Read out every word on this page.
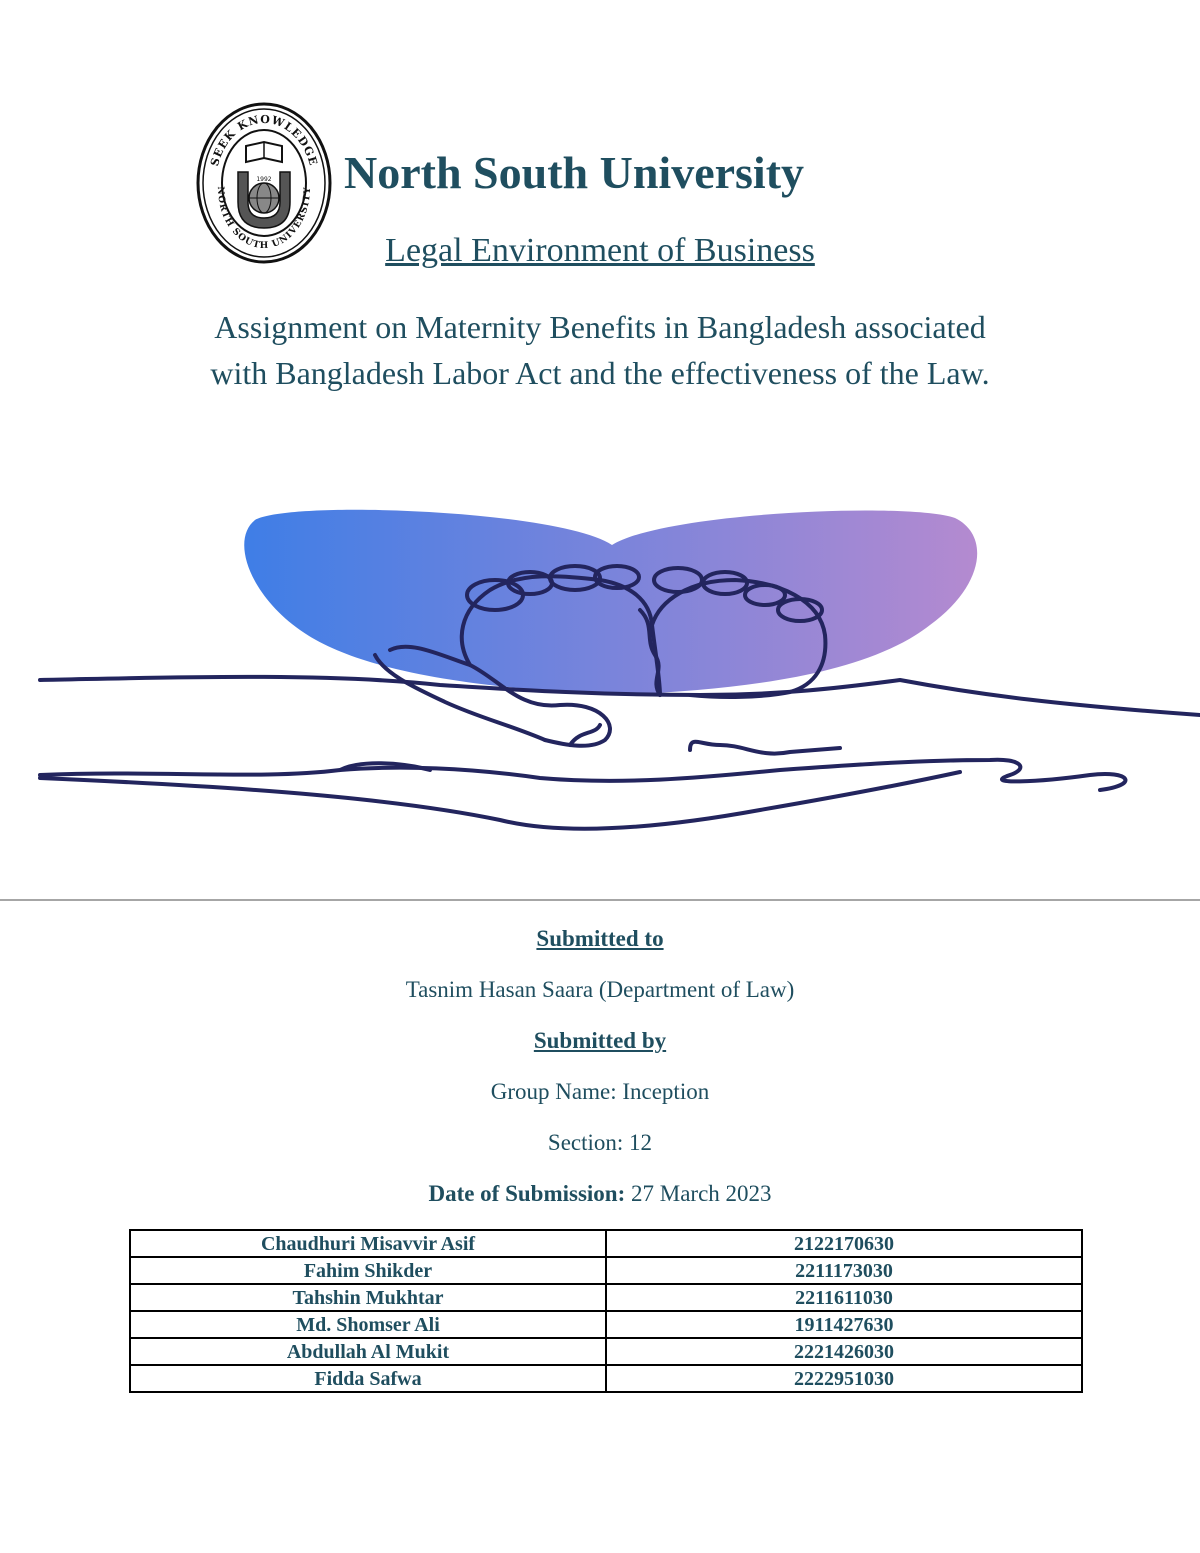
SEEK KNOWLEDGE
NORTH SOUTH UNIVERSITY
1992 North South University
Legal Environment of Business
Assignment on Maternity Benefits in Bangladesh associated
with Bangladesh Labor Act and the effectiveness of the Law.
Submitted to
Tasnim Hasan Saara (Department of Law)
Submitted by
Group Name: Inception
Section: 12
Date of Submission: 27 March 2023
Chaudhuri Misavvir Asif	2122170630
Fahim Shikder	2211173030
Tahshin Mukhtar	2211611030
Md. Shomser Ali	1911427630
Abdullah Al Mukit	2221426030
Fidda Safwa	2222951030
